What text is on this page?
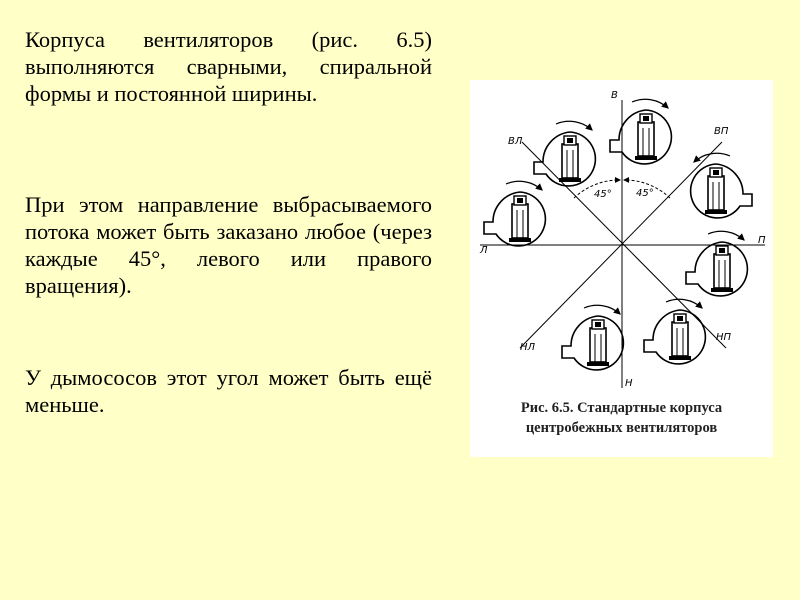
Корпуса вентиляторов (рис. 6.5) выполняются сварными, спиральной формы и постоянной ширины.

При этом направление выбрасываемого потока может быть заказано любое (через каждые 45°, левого или правого вращения).

У дымососов этот угол может быть ещё меньше.

В
ВЛ
ВП
Л
П
НЛ
НП
Н
45° 45°
Рис. 6.5. Стандартные корпуса
центробежных вентиляторов
